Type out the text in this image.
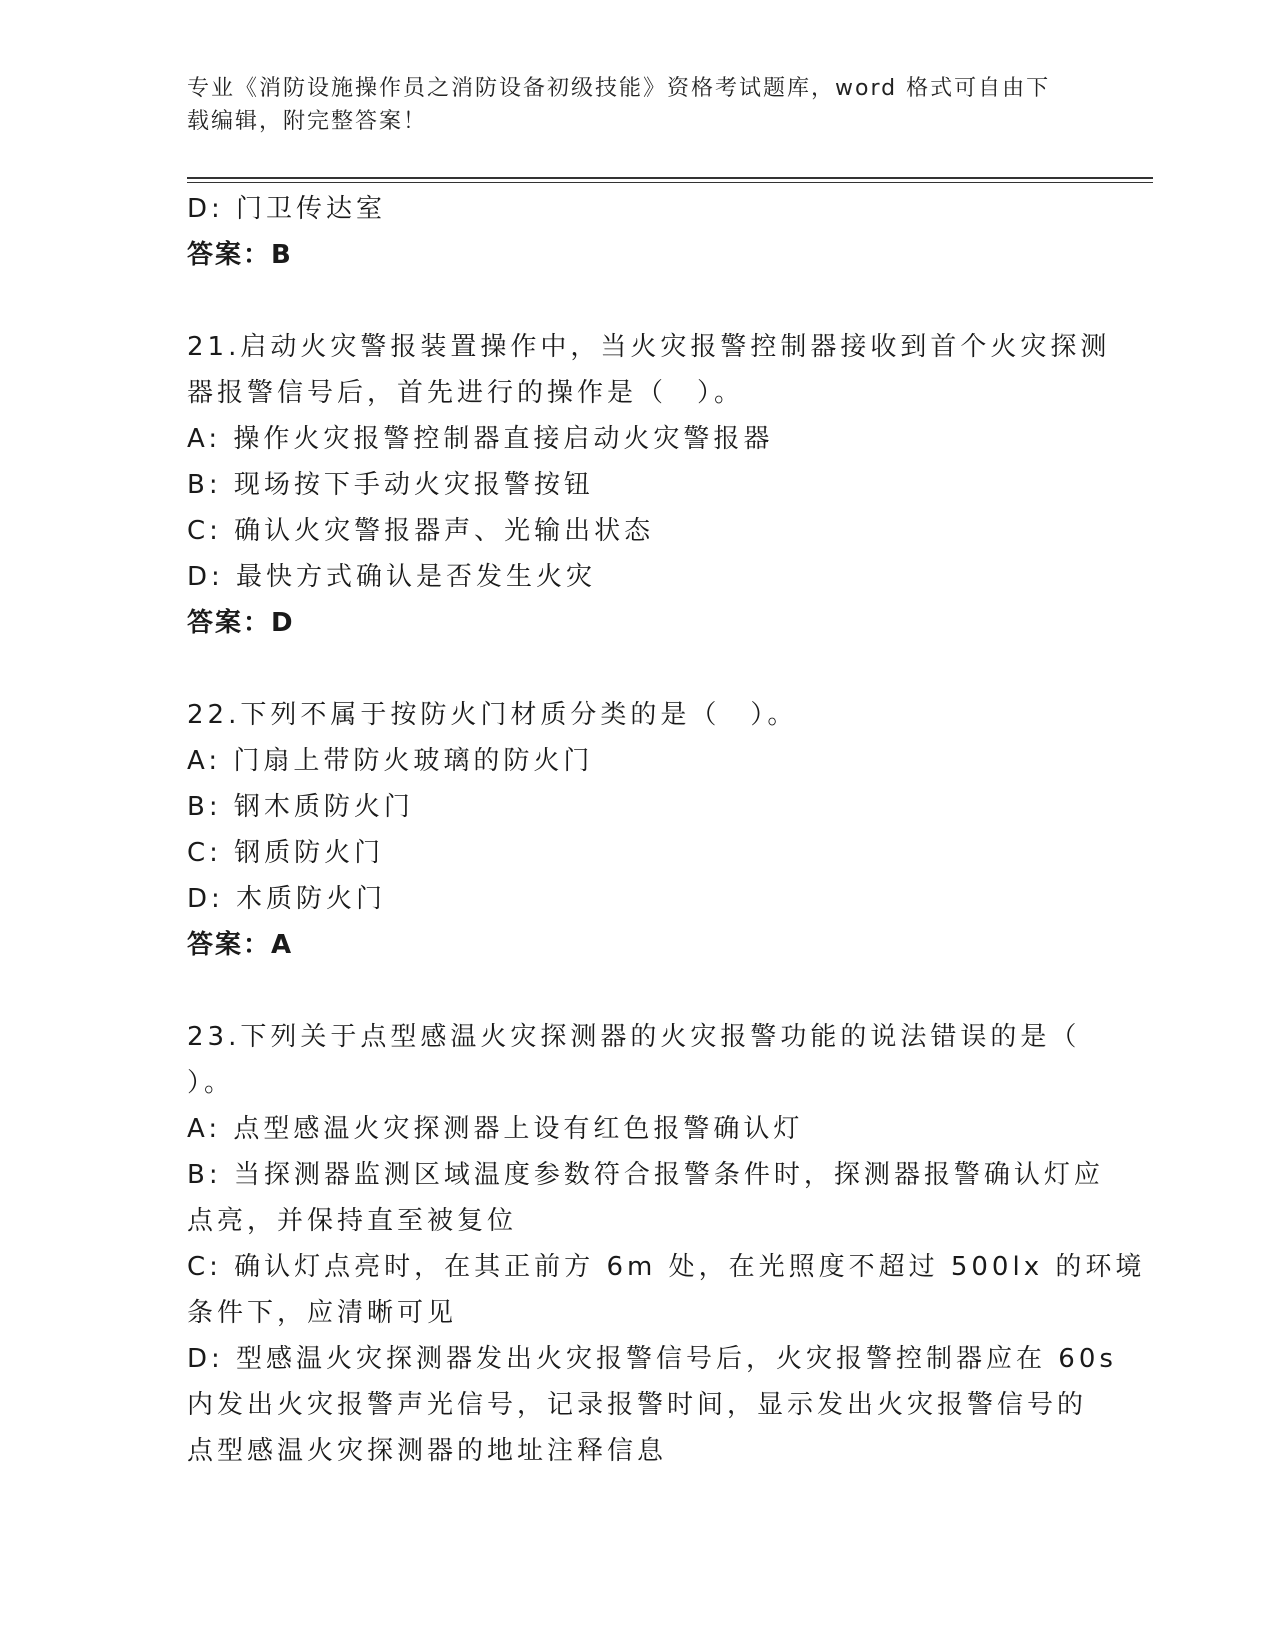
专业《消防设施操作员之消防设备初级技能》资格考试题库，word 格式可自由下
载编辑，附完整答案！

D: 门卫传达室

答案：B

21.启动火灾警报装置操作中，当火灾报警控制器接收到首个火灾探测

器报警信号后，首先进行的操作是（　）。

A: 操作火灾报警控制器直接启动火灾警报器

B: 现场按下手动火灾报警按钮

C: 确认火灾警报器声、光输出状态

D: 最快方式确认是否发生火灾

答案：D

22.下列不属于按防火门材质分类的是（　）。

A: 门扇上带防火玻璃的防火门

B: 钢木质防火门

C: 钢质防火门

D: 木质防火门

答案：A

23.下列关于点型感温火灾探测器的火灾报警功能的说法错误的是（

）。

A: 点型感温火灾探测器上设有红色报警确认灯

B: 当探测器监测区域温度参数符合报警条件时，探测器报警确认灯应

点亮，并保持直至被复位

C: 确认灯点亮时，在其正前方 6m 处，在光照度不超过 500lx 的环境

条件下，应清晰可见

D: 型感温火灾探测器发出火灾报警信号后，火灾报警控制器应在 60s

内发出火灾报警声光信号，记录报警时间，显示发出火灾报警信号的

点型感温火灾探测器的地址注释信息
